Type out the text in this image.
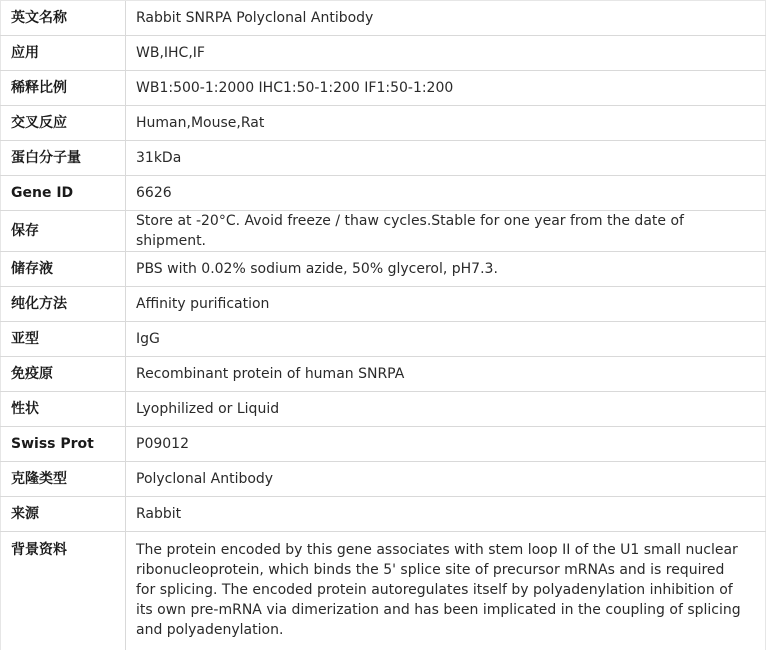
英文名称	Rabbit SNRPA Polyclonal Antibody
应用	WB,IHC,IF
稀释比例	WB1:500-1:2000 IHC1:50-1:200 IF1:50-1:200
交叉反应	Human,Mouse,Rat
蛋白分子量	31kDa
Gene ID	6626
保存	Store at -20°C. Avoid freeze / thaw cycles.Stable for one year from the date of shipment.
储存液	PBS with 0.02% sodium azide, 50% glycerol, pH7.3.
纯化方法	Affinity purification
亚型	IgG
免疫原	Recombinant protein of human SNRPA
性状	Lyophilized or Liquid
Swiss Prot	P09012
克隆类型	Polyclonal Antibody
来源	Rabbit
背景资料	The protein encoded by this gene associates with stem loop II of the U1 small nuclear ribonucleoprotein, which binds the 5' splice site of precursor mRNAs and is required for splicing. The encoded protein autoregulates itself by polyadenylation inhibition of its own pre-mRNA via dimerization and has been implicated in the coupling of splicing and polyadenylation.
